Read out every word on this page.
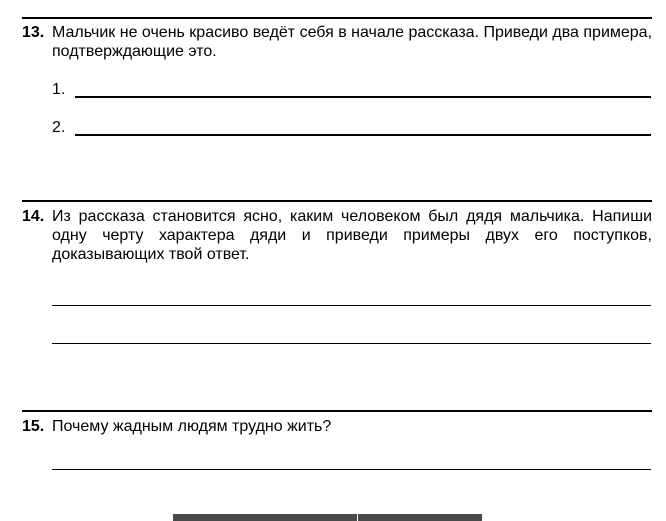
13. Мальчик не очень красиво ведёт себя в начале рассказа. Приведи два примера, подтверждающие это.
1.
2.
14. Из рассказа становится ясно, каким человеком был дядя мальчика. Напиши одну черту характера дяди и приведи примеры двух его поступков, доказывающих твой ответ.
15. Почему жадным людям трудно жить?
